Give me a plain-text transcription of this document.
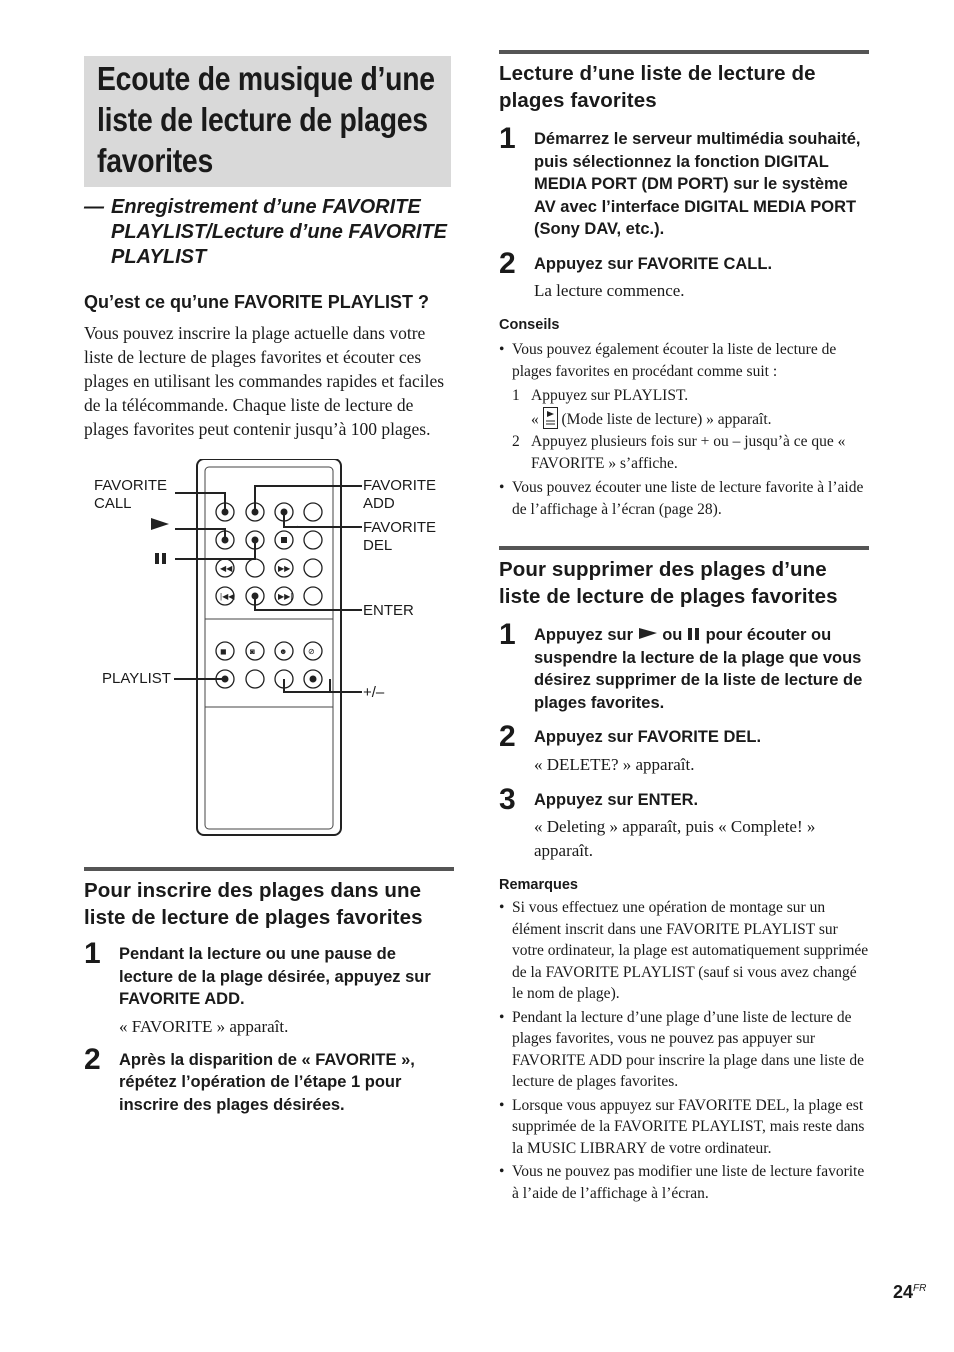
Ecoute de musique d’une
liste de lecture de plages
favorites
— Enregistrement d’une FAVORITE PLAYLIST/Lecture d’une FAVORITE PLAYLIST
Qu’est ce qu’une FAVORITE PLAYLIST ?
Vous pouvez inscrire la plage actuelle dans votre liste de lecture de plages favorites et écouter ces plages en utilisant les commandes rapides et faciles de la télécommande. Chaque liste de lecture de plages favorites peut contenir jusqu’à 100 plages.
◀◀	▶▶
|◀◀	▶▶|
◼	◙	☻	⊘
→
FAVORITE
CALL
FAVORITE
ADD
FAVORITE
DEL
ENTER
PLAYLIST
+/–
Pour inscrire des plages dans une liste de lecture de plages favorites
1 Pendant la lecture ou une pause de lecture de la plage désirée, appuyez sur FAVORITE ADD.
« FAVORITE » apparaît.
2 Après la disparition de « FAVORITE », répétez l’opération de l’étape 1 pour inscrire des plages désirées.
Lecture d’une liste de lecture de plages favorites
1 Démarrez le serveur multimédia souhaité, puis sélectionnez la fonction DIGITAL MEDIA PORT (DM PORT) sur le système AV avec l’interface DIGITAL MEDIA PORT (Sony DAV, etc.).
2 Appuyez sur FAVORITE CALL.
La lecture commence.
Conseils
• Vous pouvez également écouter la liste de lecture de plages favorites en procédant comme suit :
1 Appuyez sur PLAYLIST.
« (Mode liste de lecture) » apparaît.
2 Appuyez plusieurs fois sur + ou – jusqu’à ce que « FAVORITE » s’affiche.
• Vous pouvez écouter une liste de lecture favorite à l’aide de l’affichage à l’écran (page 28).
Pour supprimer des plages d’une liste de lecture de plages favorites
1 Appuyez sur ou pour écouter ou suspendre la lecture de la plage que vous désirez supprimer de la liste de lecture de plages favorites.
2 Appuyez sur FAVORITE DEL.
« DELETE? » apparaît.
3 Appuyez sur ENTER.
« Deleting » apparaît, puis « Complete! » apparaît.
Remarques
• Si vous effectuez une opération de montage sur un élément inscrit dans une FAVORITE PLAYLIST sur votre ordinateur, la plage est automatiquement supprimée de la FAVORITE PLAYLIST (sauf si vous avez changé le nom de plage).
• Pendant la lecture d’une plage d’une liste de lecture de plages favorites, vous ne pouvez pas appuyer sur FAVORITE ADD pour inscrire la plage dans une liste de lecture de plages favorites.
• Lorsque vous appuyez sur FAVORITE DEL, la plage est supprimée de la FAVORITE PLAYLIST, mais reste dans la MUSIC LIBRARY de votre ordinateur.
• Vous ne pouvez pas modifier une liste de lecture favorite à l’aide de l’affichage à l’écran.
$24^{FR}$
